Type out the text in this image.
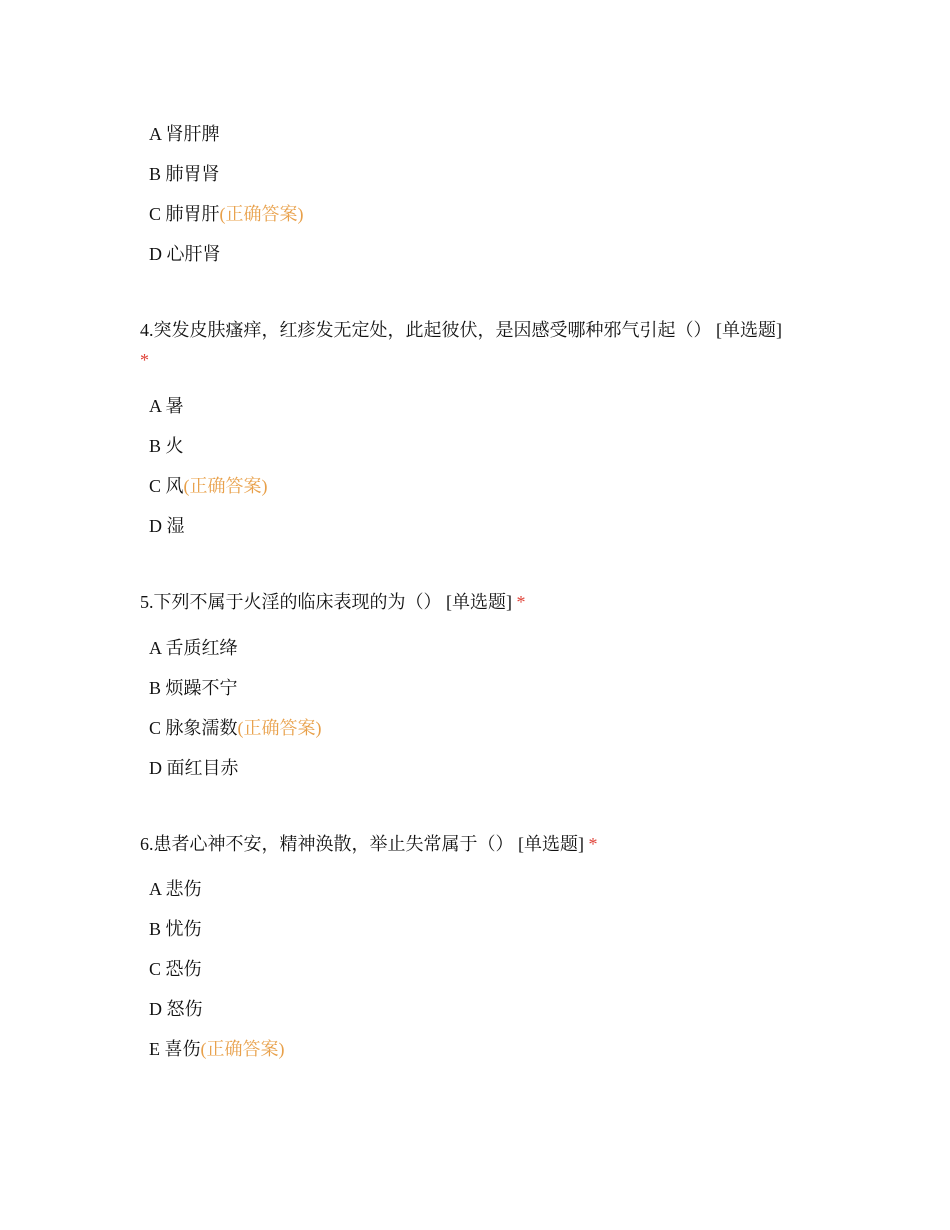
A 肾肝脾
B 肺胃肾
C 肺胃肝(正确答案)
D 心肝肾

4.突发皮肤瘙痒，红疹发无定处，此起彼伏，是因感受哪种邪气引起（） [单选题]
*

A 暑
B 火
C 风(正确答案)
D 湿

5.下列不属于火淫的临床表现的为（） [单选题] *

A 舌质红绛
B 烦躁不宁
C 脉象濡数(正确答案)
D 面红目赤

6.患者心神不安，精神涣散，举止失常属于（） [单选题] *

A 悲伤
B 忧伤
C 恐伤
D 怒伤
E 喜伤(正确答案)
